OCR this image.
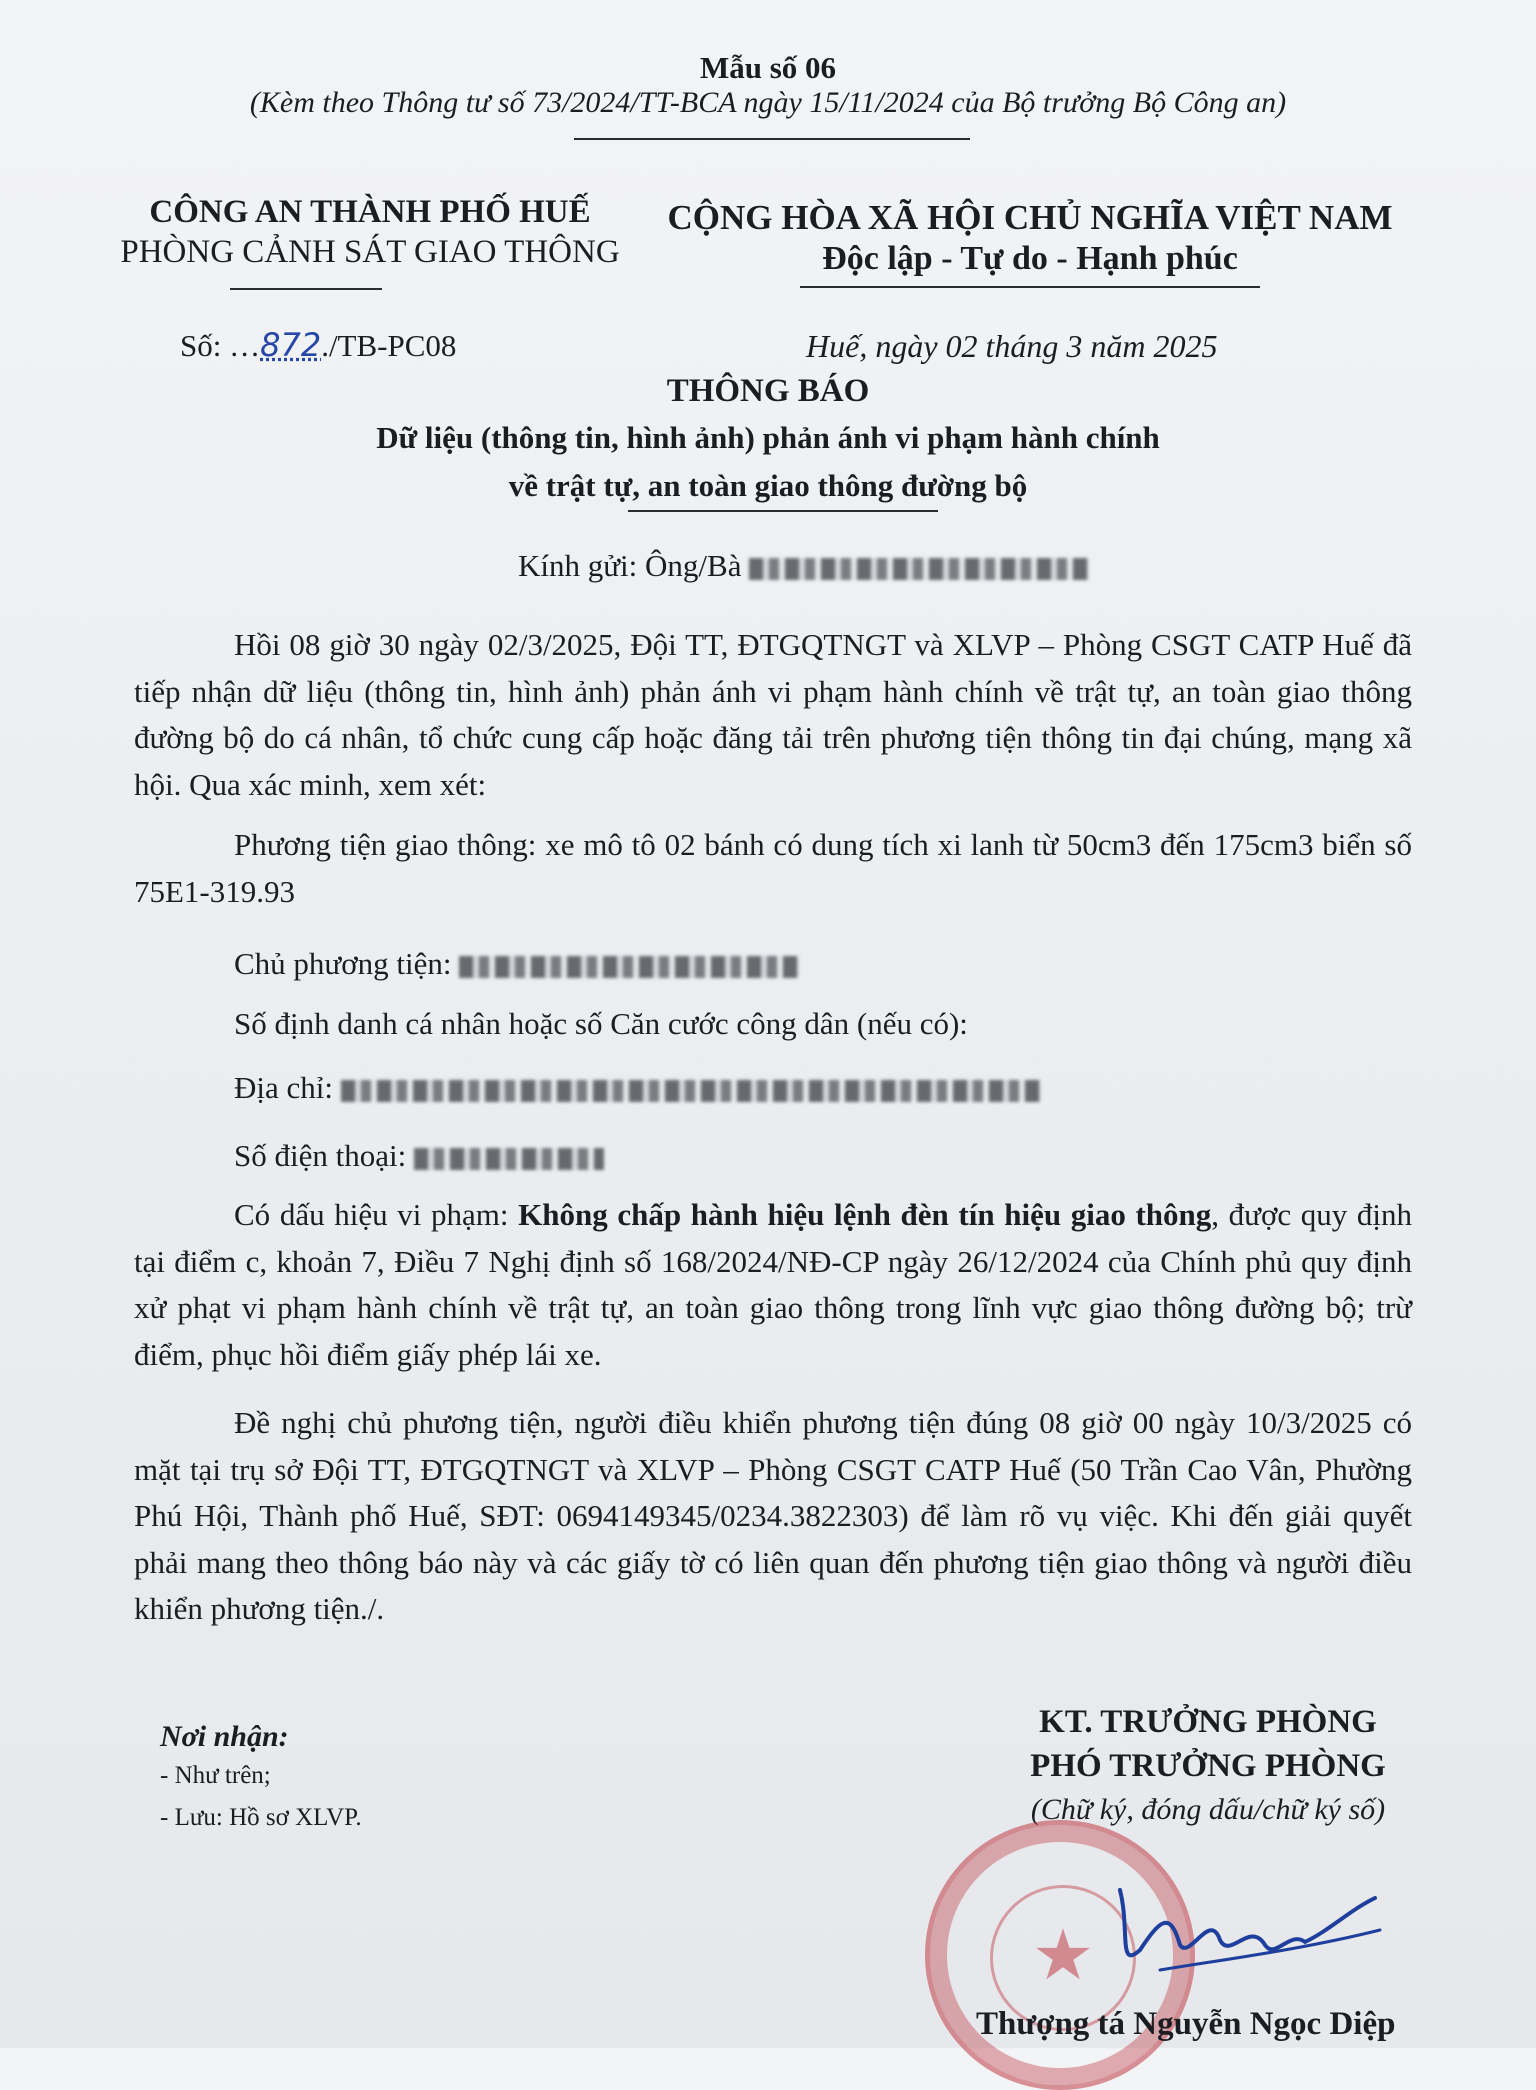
Mẫu số 06
(Kèm theo Thông tư số 73/2024/TT-BCA ngày 15/11/2024 của Bộ trưởng Bộ Công an)
CÔNG AN THÀNH PHỐ HUẾ
PHÒNG CẢNH SÁT GIAO THÔNG
CỘNG HÒA XÃ HỘI CHỦ NGHĨA VIỆT NAM
Độc lập - Tự do - Hạnh phúc
Số: …872./TB-PC08	Huế, ngày 02 tháng 3 năm 2025
THÔNG BÁO
Dữ liệu (thông tin, hình ảnh) phản ánh vi phạm hành chính
về trật tự, an toàn giao thông đường bộ
Kính gửi: Ông/Bà
Hồi 08 giờ 30 ngày 02/3/2025, Đội TT, ĐTGQTNGT và XLVP – Phòng CSGT CATP Huế đã tiếp nhận dữ liệu (thông tin, hình ảnh) phản ánh vi phạm hành chính về trật tự, an toàn giao thông đường bộ do cá nhân, tổ chức cung cấp hoặc đăng tải trên phương tiện thông tin đại chúng, mạng xã hội. Qua xác minh, xem xét:
Phương tiện giao thông: xe mô tô 02 bánh có dung tích xi lanh từ 50cm3 đến 175cm3 biển số 75E1-319.93
Chủ phương tiện:
Số định danh cá nhân hoặc số Căn cước công dân (nếu có):
Địa chỉ:
Số điện thoại:
Có dấu hiệu vi phạm: Không chấp hành hiệu lệnh đèn tín hiệu giao thông, được quy định tại điểm c, khoản 7, Điều 7 Nghị định số 168/2024/NĐ-CP ngày 26/12/2024 của Chính phủ quy định xử phạt vi phạm hành chính về trật tự, an toàn giao thông trong lĩnh vực giao thông đường bộ; trừ điểm, phục hồi điểm giấy phép lái xe.
Đề nghị chủ phương tiện, người điều khiển phương tiện đúng 08 giờ 00 ngày 10/3/2025 có mặt tại trụ sở Đội TT, ĐTGQTNGT và XLVP – Phòng CSGT CATP Huế (50 Trần Cao Vân, Phường Phú Hội, Thành phố Huế, SĐT: 0694149345/0234.3822303) để làm rõ vụ việc. Khi đến giải quyết phải mang theo thông báo này và các giấy tờ có liên quan đến phương tiện giao thông và người điều khiển phương tiện./.
Nơi nhận:
- Như trên;
- Lưu: Hồ sơ XLVP.
KT. TRƯỞNG PHÒNG
PHÓ TRƯỞNG PHÒNG
(Chữ ký, đóng dấu/chữ ký số)
★
Thượng tá Nguyễn Ngọc Diệp
